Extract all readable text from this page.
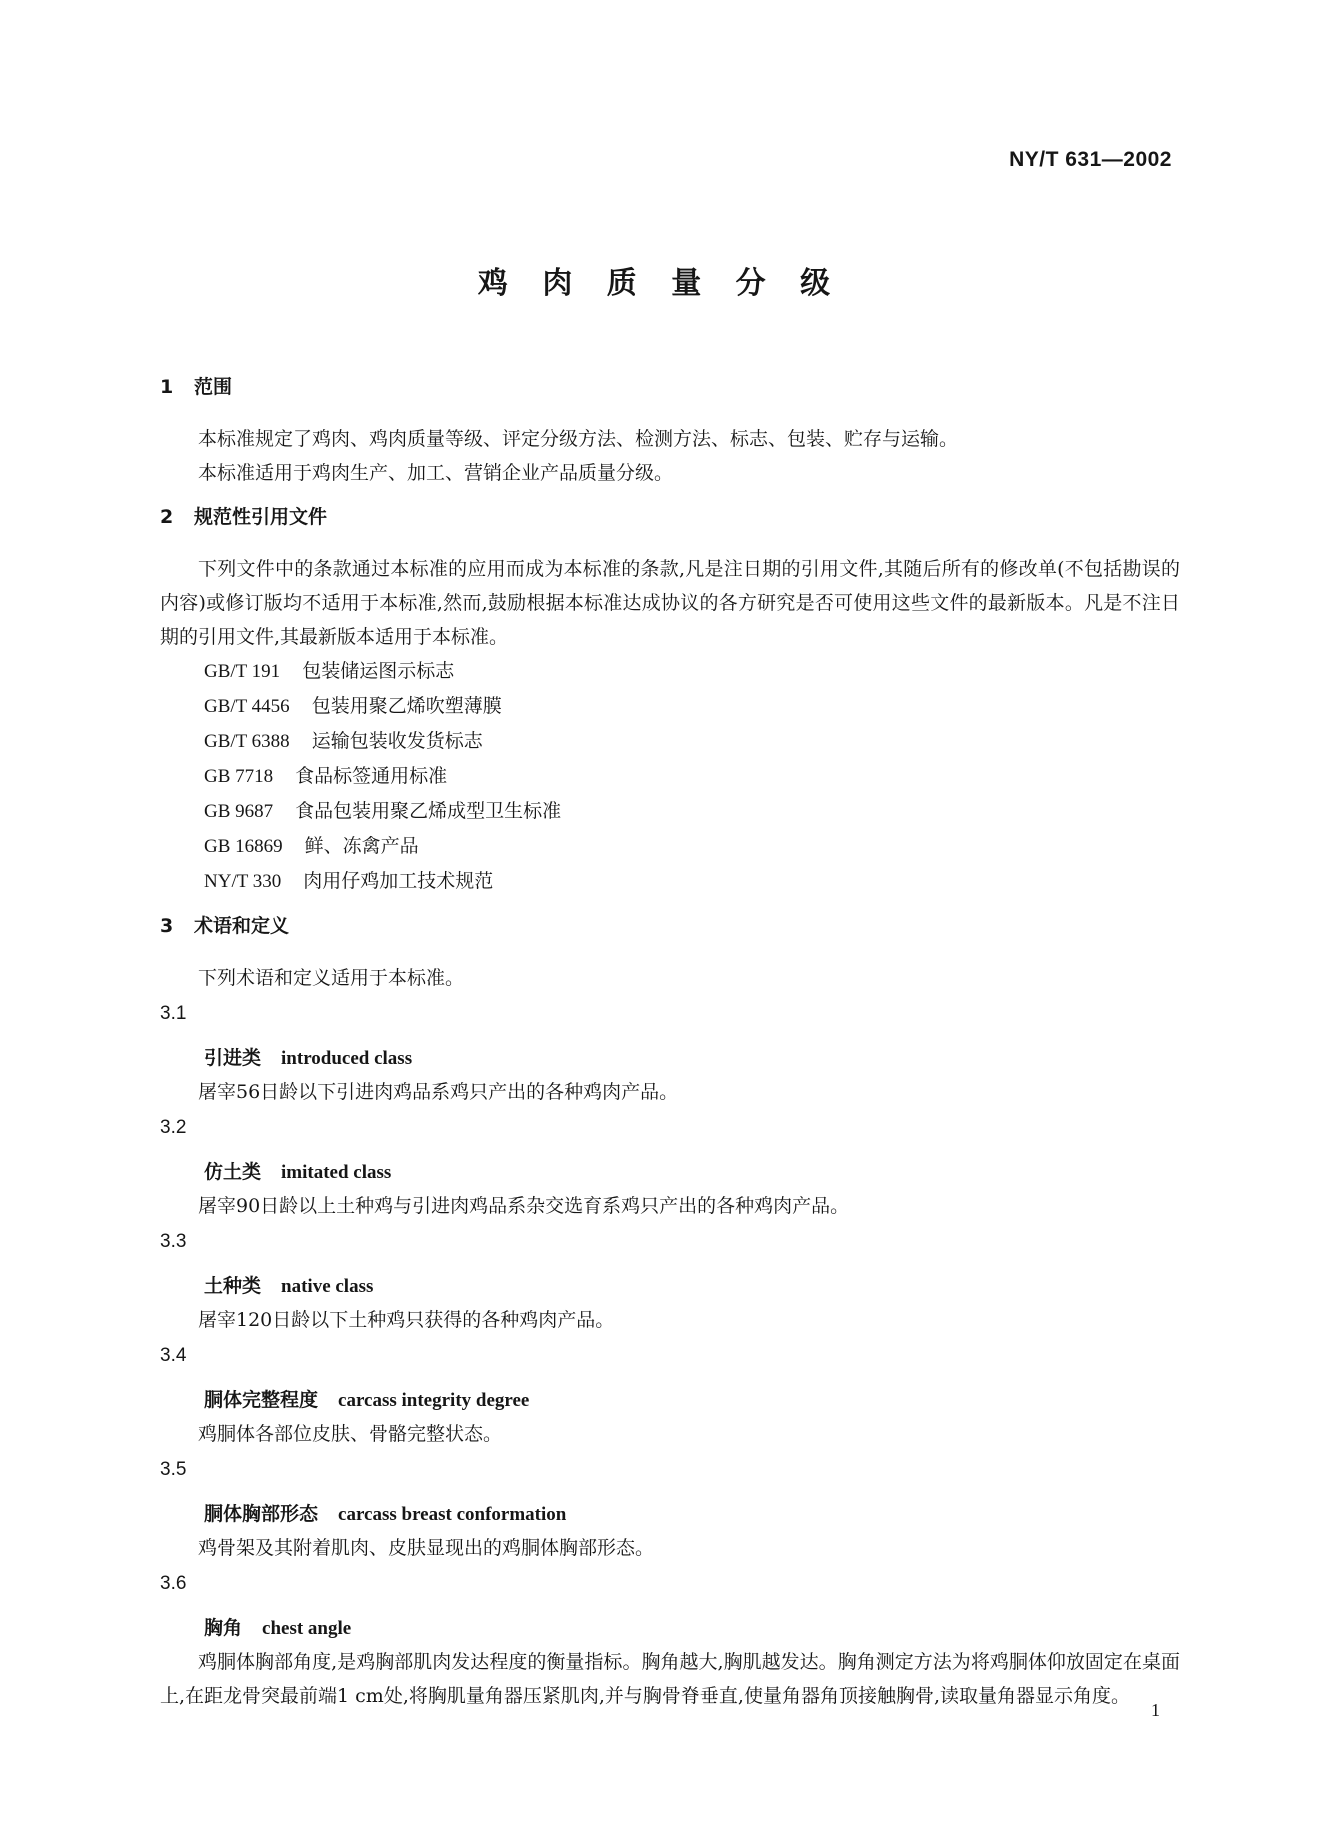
NY/T 631—2002
鸡 肉 质 量 分 级
1 范围
本标准规定了鸡肉、鸡肉质量等级、评定分级方法、检测方法、标志、包装、贮存与运输。
本标准适用于鸡肉生产、加工、营销企业产品质量分级。
2 规范性引用文件
下列文件中的条款通过本标准的应用而成为本标准的条款,凡是注日期的引用文件,其随后所有的修改单(不包括勘误的内容)或修订版均不适用于本标准,然而,鼓励根据本标准达成协议的各方研究是否可使用这些文件的最新版本。凡是不注日期的引用文件,其最新版本适用于本标准。
GB/T 191 包装储运图示标志
GB/T 4456 包装用聚乙烯吹塑薄膜
GB/T 6388 运输包装收发货标志
GB 7718 食品标签通用标准
GB 9687 食品包装用聚乙烯成型卫生标准
GB 16869 鲜、冻禽产品
NY/T 330 肉用仔鸡加工技术规范
3 术语和定义
下列术语和定义适用于本标准。
3.1
引进类 introduced class
屠宰56日龄以下引进肉鸡品系鸡只产出的各种鸡肉产品。
3.2
仿土类 imitated class
屠宰90日龄以上土种鸡与引进肉鸡品系杂交选育系鸡只产出的各种鸡肉产品。
3.3
土种类 native class
屠宰120日龄以下土种鸡只获得的各种鸡肉产品。
3.4
胴体完整程度 carcass integrity degree
鸡胴体各部位皮肤、骨骼完整状态。
3.5
胴体胸部形态 carcass breast conformation
鸡骨架及其附着肌肉、皮肤显现出的鸡胴体胸部形态。
3.6
胸角 chest angle
鸡胴体胸部角度,是鸡胸部肌肉发达程度的衡量指标。胸角越大,胸肌越发达。胸角测定方法为将鸡胴体仰放固定在桌面上,在距龙骨突最前端1 cm处,将胸肌量角器压紧肌肉,并与胸骨脊垂直,使量角器角顶接触胸骨,读取量角器显示角度。
1
